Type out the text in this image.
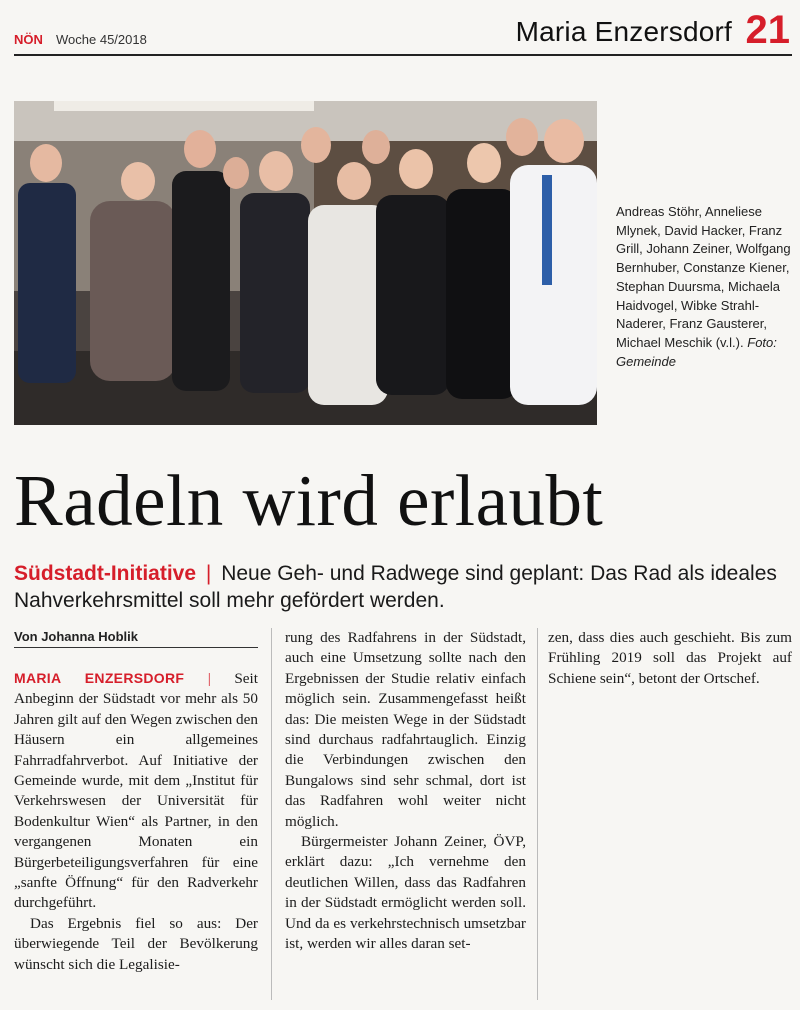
NÖN Woche 45/2018	Maria Enzersdorf 21
Andreas Stöhr, Anneliese Mlynek, David Hacker, Franz Grill, Johann Zeiner, Wolfgang Bernhuber, Constanze Kiener, Stephan Duursma, Michaela Haidvogel, Wibke Strahl-Naderer, Franz Gausterer, Michael Meschik (v.l.). Foto: Gemeinde
Radeln wird erlaubt
Südstadt-Initiative | Neue Geh- und Radwege sind geplant: Das Rad als ideales Nahverkehrsmittel soll mehr gefördert werden.
Von Johanna Hoblik

MARIA ENZERSDORF | Seit Anbeginn der Südstadt vor mehr als 50 Jahren gilt auf den Wegen zwischen den Häusern ein allgemeines Fahrradfahrverbot. Auf Initiative der Gemeinde wurde, mit dem „Institut für Verkehrswesen der Universität für Bodenkultur Wien“ als Partner, in den vergangenen Monaten ein Bürgerbeteiligungsverfahren für eine „sanfte Öffnung“ für den Radverkehr durchgeführt.

Das Ergebnis fiel so aus: Der überwiegende Teil der Bevölkerung wünscht sich die Legalisie-

rung des Radfahrens in der Südstadt, auch eine Umsetzung sollte nach den Ergebnissen der Studie relativ einfach möglich sein. Zusammengefasst heißt das: Die meisten Wege in der Südstadt sind durchaus radfahrtauglich. Einzig die Verbindungen zwischen den Bungalows sind sehr schmal, dort ist das Radfahren wohl weiter nicht möglich.

Bürgermeister Johann Zeiner, ÖVP, erklärt dazu: „Ich vernehme den deutlichen Willen, dass das Radfahren in der Südstadt ermöglicht werden soll. Und da es verkehrstechnisch umsetzbar ist, werden wir alles daran set-

zen, dass dies auch geschieht. Bis zum Frühling 2019 soll das Projekt auf Schiene sein“, betont der Ortschef.
